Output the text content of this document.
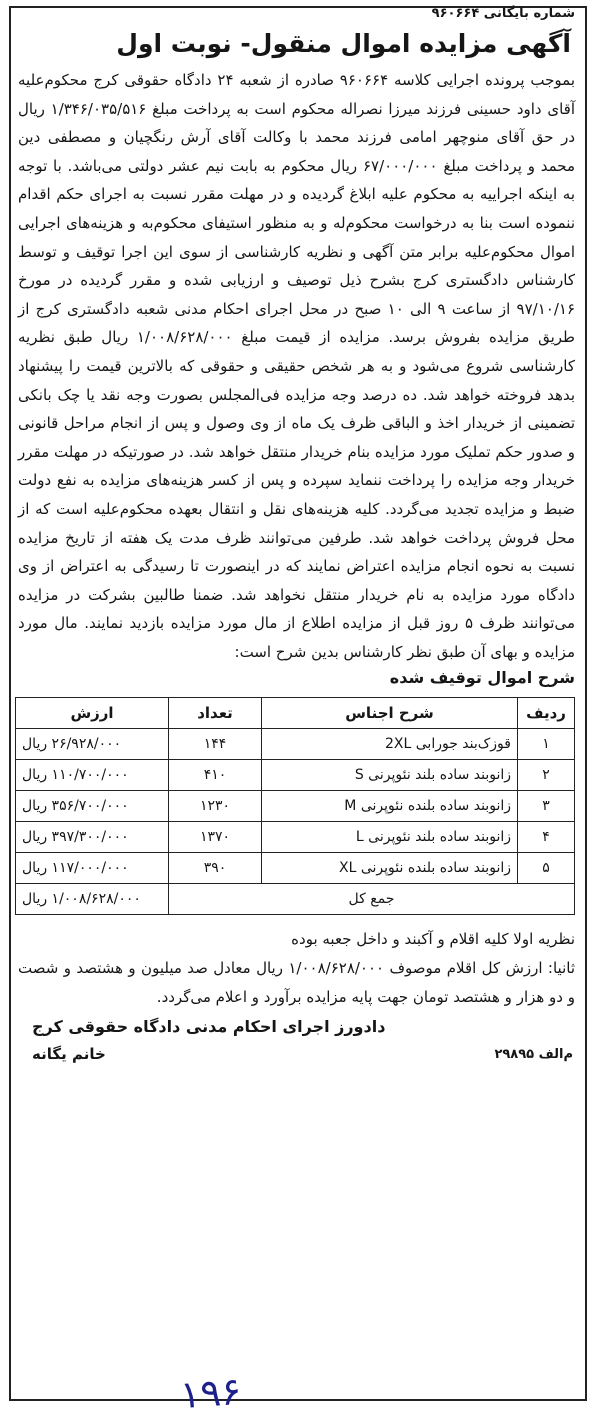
شماره بایگانی ۹۶۰۶۶۴
آگهی مزایده اموال منقول- نوبت اول

بموجب پرونده اجرایی کلاسه ۹۶۰۶۶۴ صادره از شعبه ۲۴ دادگاه حقوقی کرج محکوم‌علیه آقای داود حسینی فرزند میرزا نصراله محکوم است به پرداخت مبلغ ۱/۳۴۶/۰۳۵/۵۱۶ ریال در حق آقای منوچهر امامی فرزند محمد با وکالت آقای آرش رنگچیان و مصطفی دین محمد و پرداخت مبلغ ۶۷/۰۰۰/۰۰۰ ریال محکوم به بابت نیم عشر دولتی می‌باشد. با توجه به اینکه اجراییه به محکوم علیه ابلاغ گردیده و در مهلت مقرر نسبت به اجرای حکم اقدام ننموده است بنا به درخواست محکوم‌له و به منظور استیفای محکوم‌به و هزینه‌های اجرایی اموال محکوم‌علیه برابر متن آگهی و نظریه کارشناسی از سوی این اجرا توقیف و توسط کارشناس دادگستری کرج بشرح ذیل توصیف و ارزیابی شده و مقرر گردیده در مورخ ۹۷/۱۰/۱۶ از ساعت ۹ الی ۱۰ صبح در محل اجرای احکام مدنی شعبه دادگستری کرج از طریق مزایده بفروش برسد. مزایده از قیمت مبلغ ۱/۰۰۸/۶۲۸/۰۰۰ ریال طبق نظریه کارشناسی شروع می‌شود و به هر شخص حقیقی و حقوقی که بالاترین قیمت را پیشنهاد بدهد فروخته خواهد شد. ده درصد وجه مزایده فی‌المجلس بصورت وجه نقد یا چک بانکی تضمینی از خریدار اخذ و الباقی ظرف یک ماه از وی وصول و پس از انجام مراحل قانونی و صدور حکم تملیک مورد مزایده بنام خریدار منتقل خواهد شد. در صورتیکه در مهلت مقرر خریدار وجه مزایده را پرداخت ننماید سپرده و پس از کسر هزینه‌های مزایده به نفع دولت ضبط و مزایده تجدید می‌گردد. کلیه هزینه‌های نقل و انتقال بعهده محکوم‌علیه است که از محل فروش پرداخت خواهد شد. طرفین می‌توانند ظرف مدت یک هفته از تاریخ مزایده نسبت به نحوه انجام مزایده اعتراض نمایند که در اینصورت تا رسیدگی به اعتراض از وی دادگاه مورد مزایده به نام خریدار منتقل نخواهد شد. ضمنا طالبین بشرکت در مزایده می‌توانند ظرف ۵ روز قبل از مزایده اطلاع از مال مورد مزایده بازدید نمایند. مال مورد مزایده و بهای آن طبق نظر کارشناس بدین شرح است:

شرح اموال توقیف شده
ردیف	شرح اجناس	تعداد	ارزش
۱	قوزک‌بند جورابی 2XL	۱۴۴	۲۶/۹۲۸/۰۰۰ ریال
۲	زانوبند ساده بلند نئوپرنی S	۴۱۰	۱۱۰/۷۰۰/۰۰۰ ریال
۳	زانوبند ساده بلنده نئوپرنی M	۱۲۳۰	۳۵۶/۷۰۰/۰۰۰ ریال
۴	زانوبند ساده بلند نئوپرنی L	۱۳۷۰	۳۹۷/۳۰۰/۰۰۰ ریال
۵	زانوبند ساده بلنده نئوپرنی XL	۳۹۰	۱۱۷/۰۰۰/۰۰۰ ریال
جمع کل			۱/۰۰۸/۶۲۸/۰۰۰ ریال
نظریه اولا کلیه اقلام و آکبند و داخل جعبه بوده
ثانیا: ارزش کل اقلام موصوف ۱/۰۰۸/۶۲۸/۰۰۰ ریال معادل صد میلیون و هشتصد و شصت و دو هزار و هشتصد تومان جهت پایه مزایده برآورد و اعلام می‌گردد.
دادورز اجرای احکام مدنی دادگاه حقوقی کرج
خانم یگانه	م‌الف ۲۹۸۹۵
۱۹۶
